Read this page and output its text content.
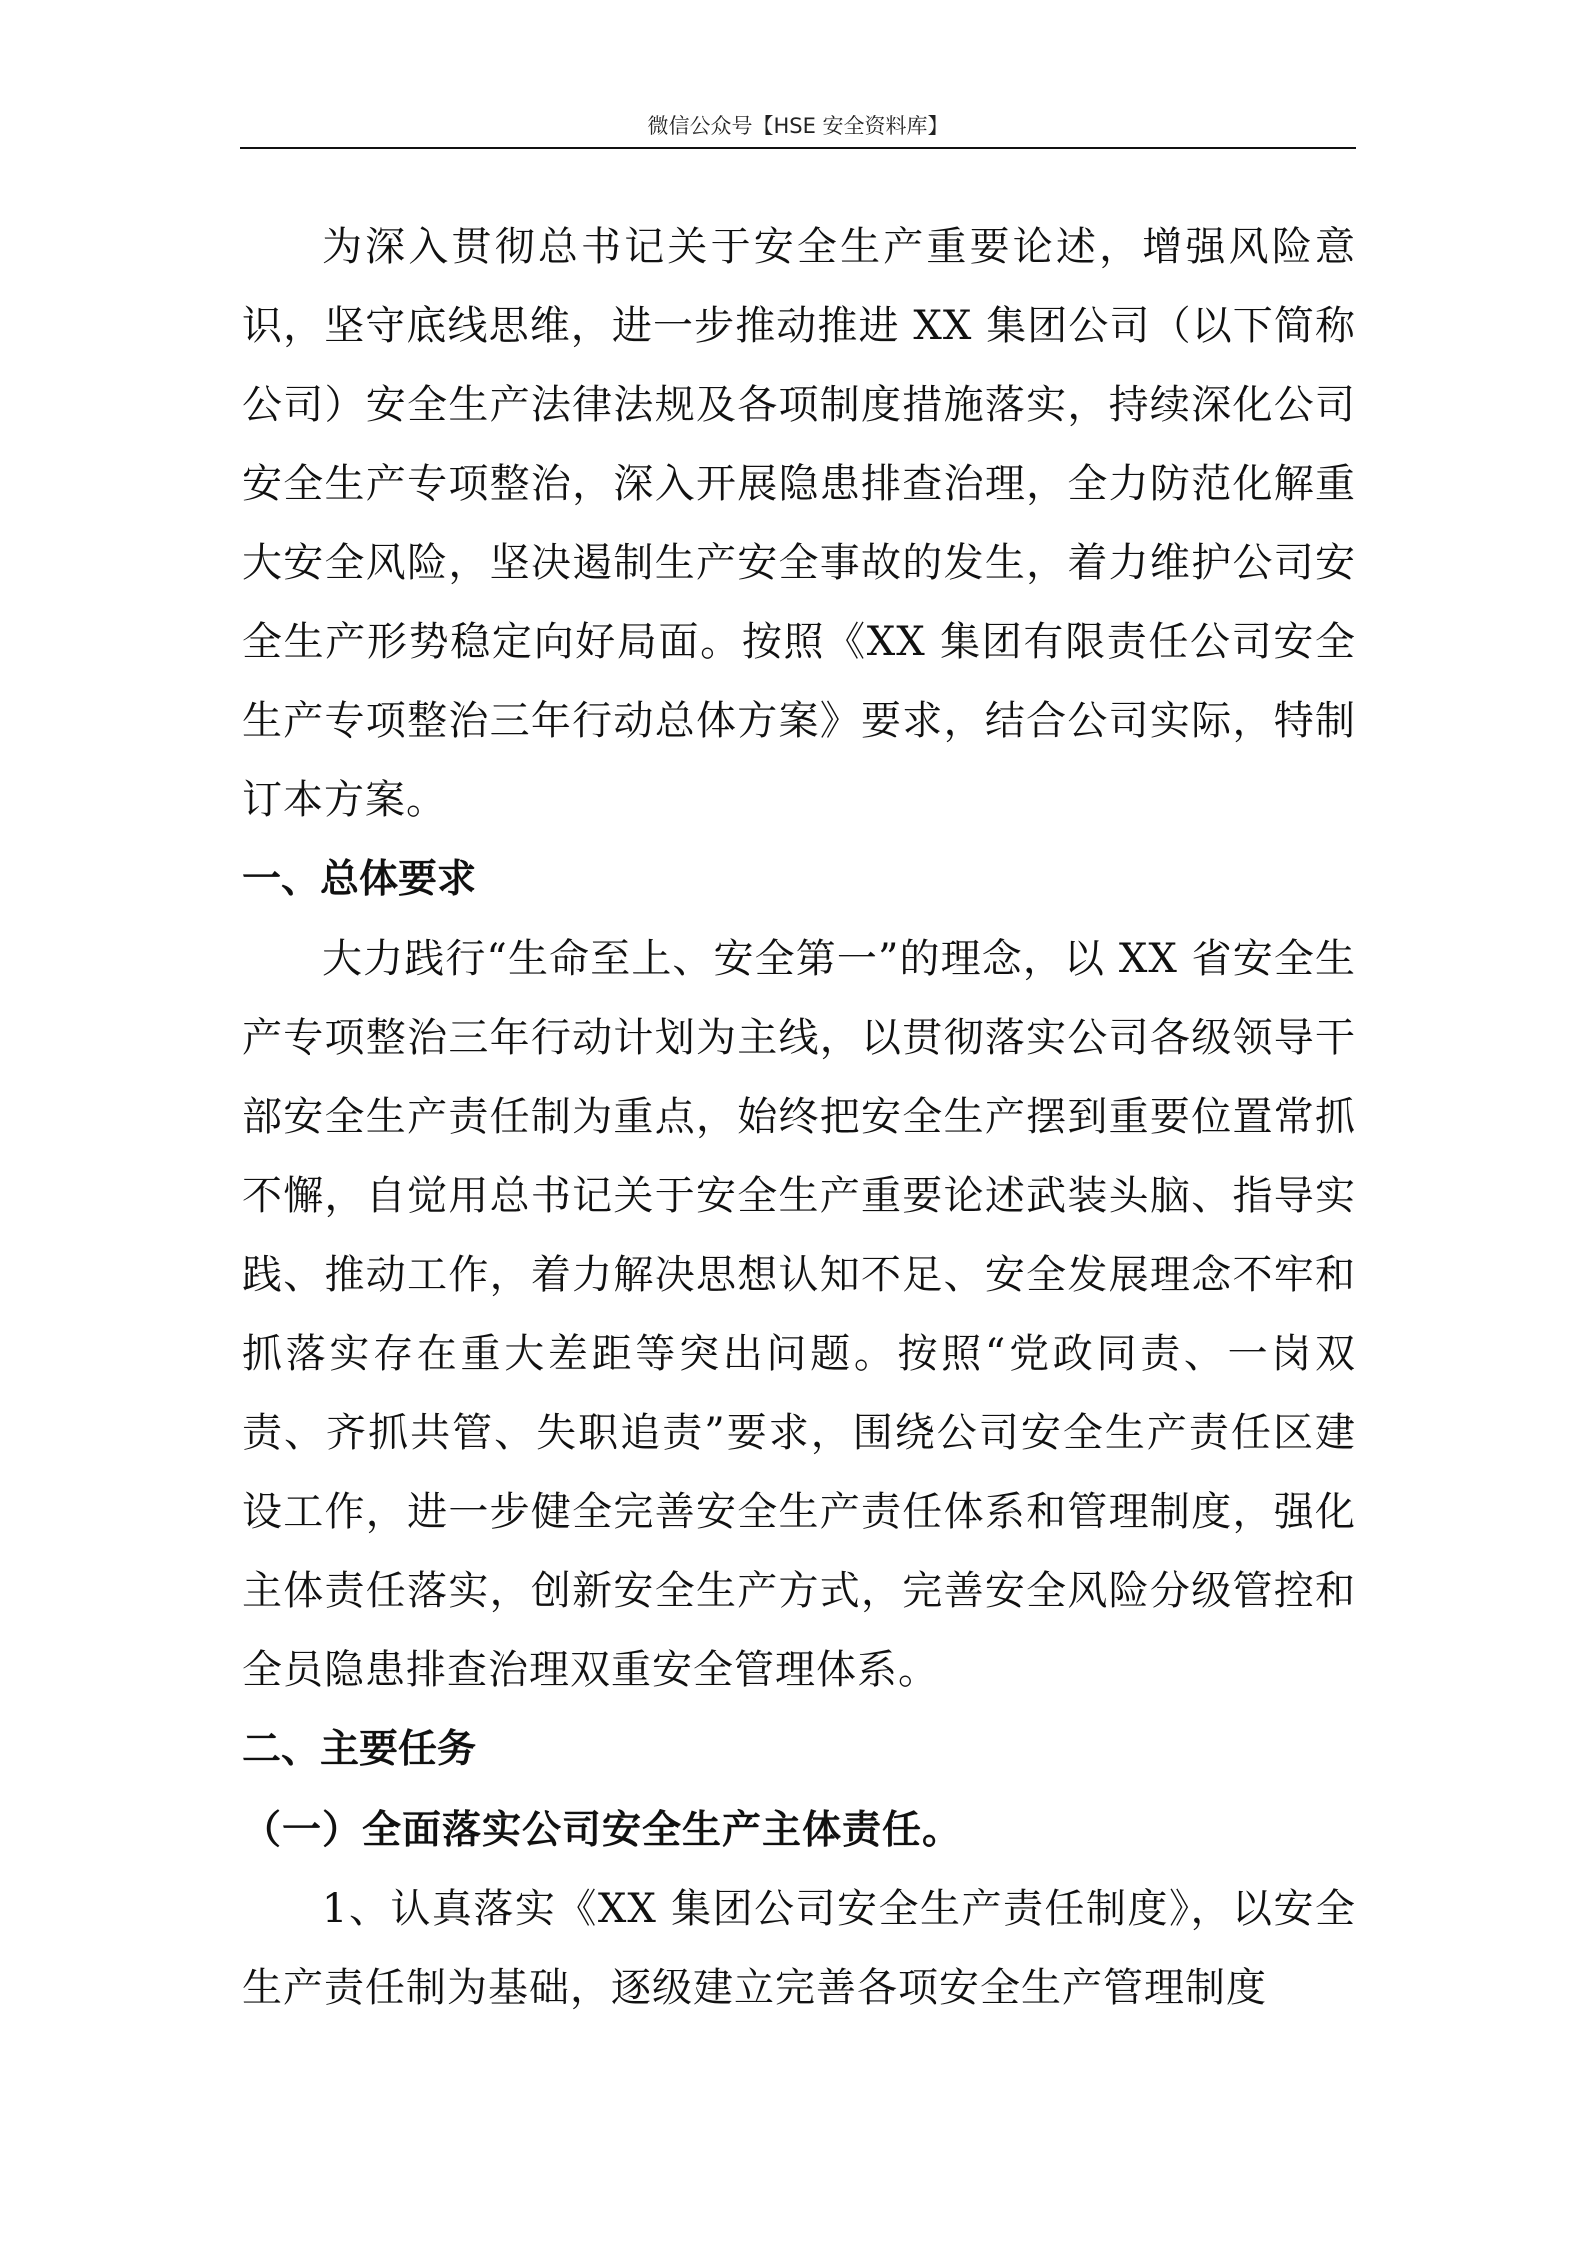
微信公众号【HSE 安全资料库】

为深入贯彻总书记关于安全生产重要论述，增强风险意识，坚守底线思维，进一步推动推进 XX 集团公司（以下简称公司）安全生产法律法规及各项制度措施落实，持续深化公司安全生产专项整治，深入开展隐患排查治理，全力防范化解重大安全风险，坚决遏制生产安全事故的发生，着力维护公司安全生产形势稳定向好局面。按照《XX 集团有限责任公司安全生产专项整治三年行动总体方案》要求，结合公司实际，特制订本方案。

一、总体要求

大力践行“生命至上、安全第一”的理念，以 XX 省安全生产专项整治三年行动计划为主线，以贯彻落实公司各级领导干部安全生产责任制为重点，始终把安全生产摆到重要位置常抓不懈，自觉用总书记关于安全生产重要论述武装头脑、指导实践、推动工作，着力解决思想认知不足、安全发展理念不牢和抓落实存在重大差距等突出问题。按照“党政同责、一岗双责、齐抓共管、失职追责”要求，围绕公司安全生产责任区建设工作，进一步健全完善安全生产责任体系和管理制度，强化主体责任落实，创新安全生产方式，完善安全风险分级管控和全员隐患排查治理双重安全管理体系。

二、主要任务
（一）全面落实公司安全生产主体责任。

1、认真落实《XX 集团公司安全生产责任制度》，以安全生产责任制为基础，逐级建立完善各项安全生产管理制度
